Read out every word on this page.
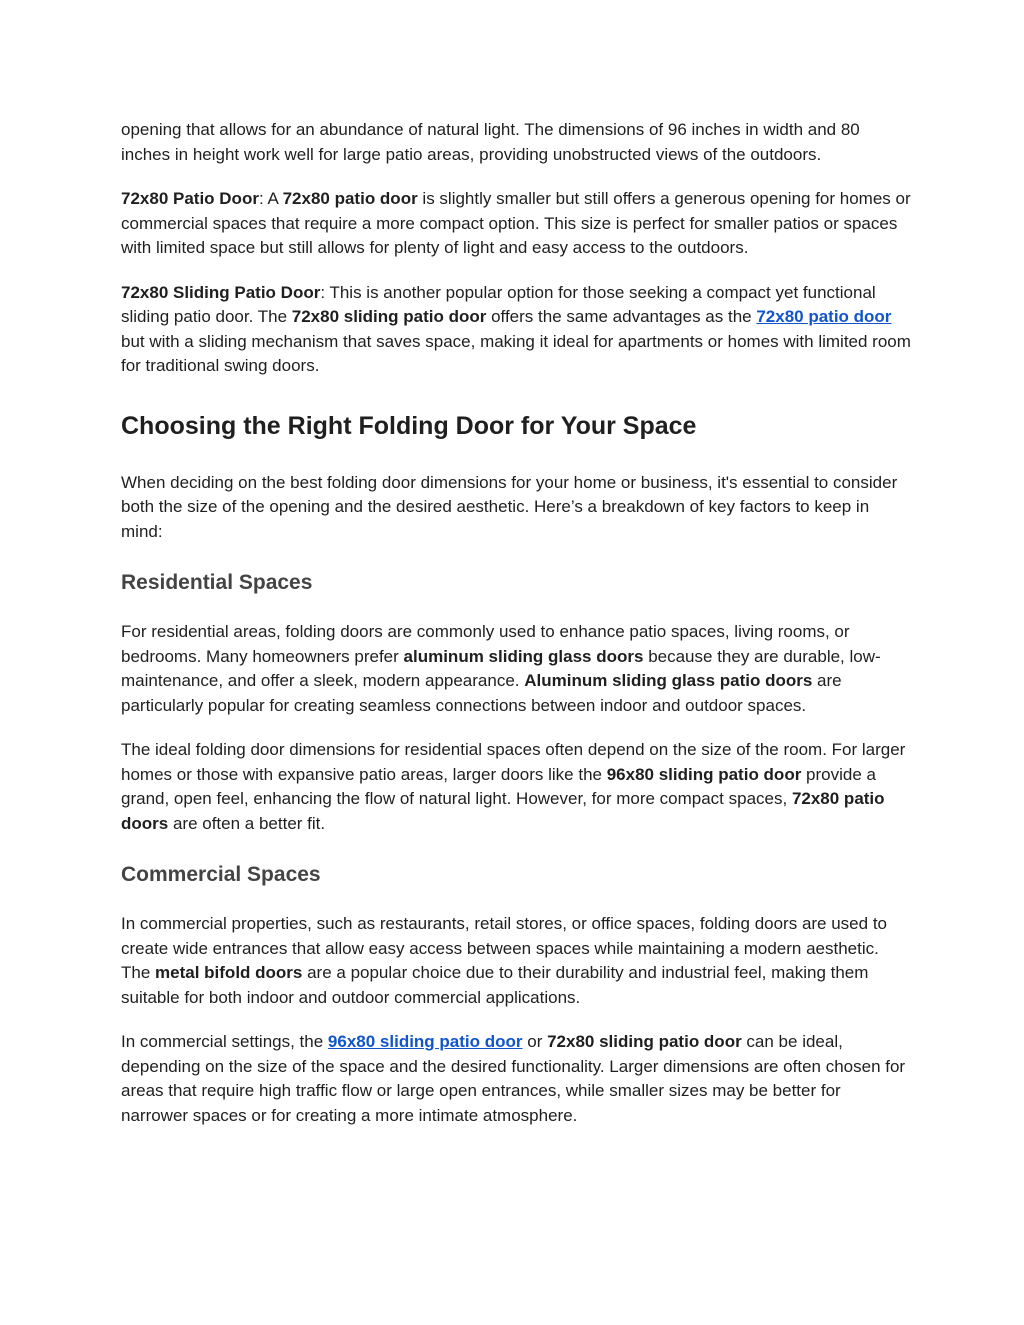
opening that allows for an abundance of natural light. The dimensions of 96 inches in width and 80 inches in height work well for large patio areas, providing unobstructed views of the outdoors.

72x80 Patio Door: A 72x80 patio door is slightly smaller but still offers a generous opening for homes or commercial spaces that require a more compact option. This size is perfect for smaller patios or spaces with limited space but still allows for plenty of light and easy access to the outdoors.

72x80 Sliding Patio Door: This is another popular option for those seeking a compact yet functional sliding patio door. The 72x80 sliding patio door offers the same advantages as the 72x80 patio door but with a sliding mechanism that saves space, making it ideal for apartments or homes with limited room for traditional swing doors.

Choosing the Right Folding Door for Your Space

When deciding on the best folding door dimensions for your home or business, it's essential to consider both the size of the opening and the desired aesthetic. Here’s a breakdown of key factors to keep in mind:

Residential Spaces

For residential areas, folding doors are commonly used to enhance patio spaces, living rooms, or bedrooms. Many homeowners prefer aluminum sliding glass doors because they are durable, low-maintenance, and offer a sleek, modern appearance. Aluminum sliding glass patio doors are particularly popular for creating seamless connections between indoor and outdoor spaces.

The ideal folding door dimensions for residential spaces often depend on the size of the room. For larger homes or those with expansive patio areas, larger doors like the 96x80 sliding patio door provide a grand, open feel, enhancing the flow of natural light. However, for more compact spaces, 72x80 patio doors are often a better fit.

Commercial Spaces

In commercial properties, such as restaurants, retail stores, or office spaces, folding doors are used to create wide entrances that allow easy access between spaces while maintaining a modern aesthetic. The metal bifold doors are a popular choice due to their durability and industrial feel, making them suitable for both indoor and outdoor commercial applications.

In commercial settings, the 96x80 sliding patio door or 72x80 sliding patio door can be ideal, depending on the size of the space and the desired functionality. Larger dimensions are often chosen for areas that require high traffic flow or large open entrances, while smaller sizes may be better for narrower spaces or for creating a more intimate atmosphere.
